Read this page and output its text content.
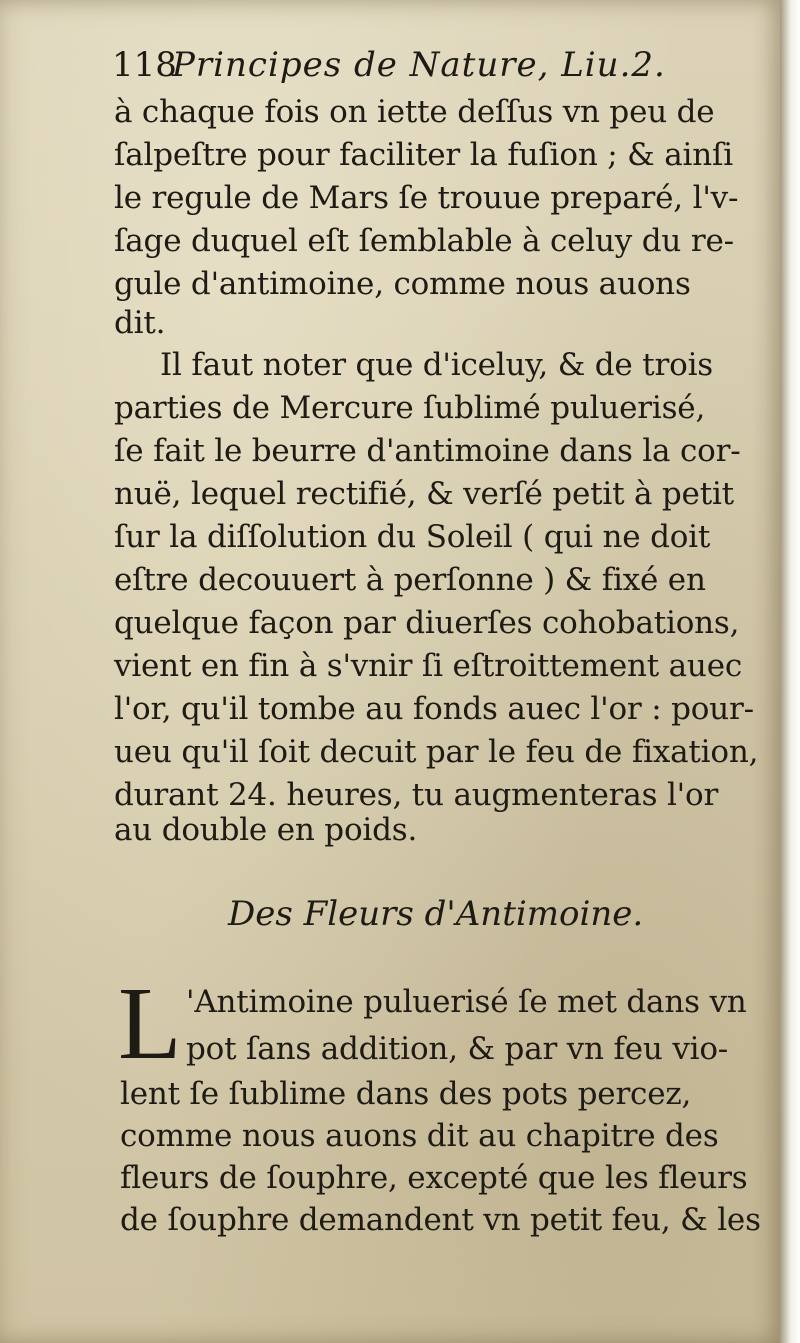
118Principes de Nature, Liu.2.
à chaque fois on iette deſſus vn peu de
ſalpeſtre pour faciliter la fuſion ; & ainſi
le regule de Mars ſe trouue preparé, l'v-
ſage duquel eſt ſemblable à celuy du re-
gule d'antimoine, comme nous auons
dit.
Il faut noter que d'iceluy, & de trois
parties de Mercure ſublimé puluerisé,
ſe fait le beurre d'antimoine dans la cor-
nuë, lequel rectifié, & verſé petit à petit
ſur la diſſolution du Soleil ( qui ne doit
eſtre decouuert à perſonne ) & fixé en
quelque façon par diuerſes cohobations,
vient en fin à s'vnir ſi eſtroittement auec
l'or, qu'il tombe au fonds auec l'or : pour-
ueu qu'il ſoit decuit par le feu de fixation,
durant 24. heures, tu augmenteras l'or
au double en poids.
Des Fleurs d'Antimoine.
L 'Antimoine puluerisé ſe met dans vn
pot ſans addition, & par vn feu vio-
lent ſe ſublime dans des pots percez,
comme nous auons dit au chapitre des
fleurs de ſouphre, excepté que les fleurs
de ſouphre demandent vn petit feu, & les
